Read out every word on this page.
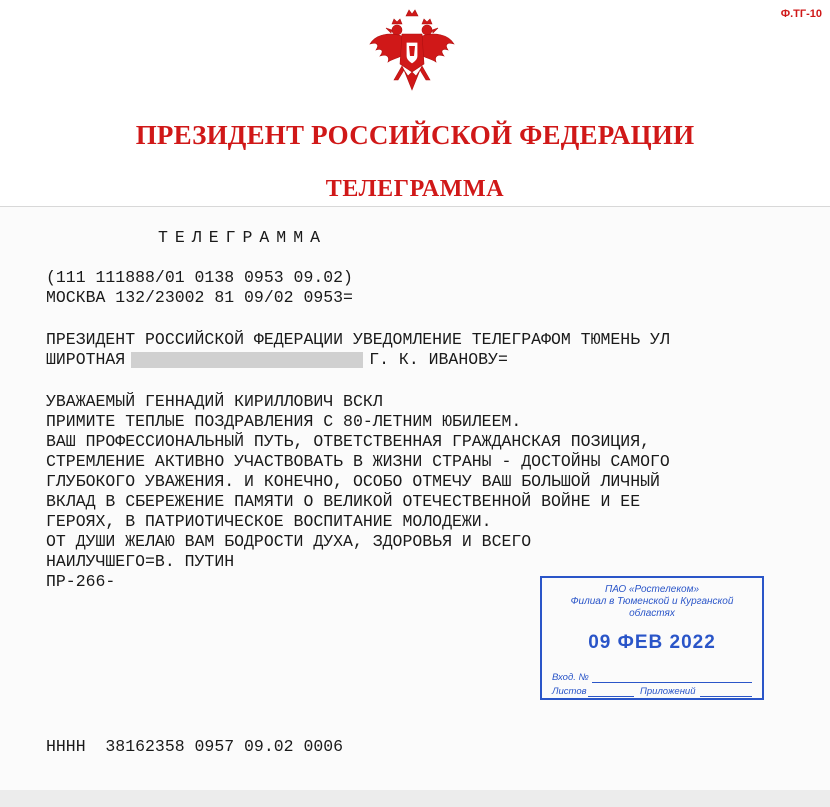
Ф.ТГ-10
ПРЕЗИДЕНТ РОССИЙСКОЙ ФЕДЕРАЦИИ
ТЕЛЕГРАММА
ТЕЛЕГРАММА
(111 111888/01 0138 0953 09.02)
МОСКВА 132/23002 81 09/02 0953=
ПРЕЗИДЕНТ РОССИЙСКОЙ ФЕДЕРАЦИИ УВЕДОМЛЕНИЕ ТЕЛЕГРАФОМ ТЮМЕНЬ УЛ
ШИРОТНАЯ	Г. К. ИВАНОВУ=
УВАЖАЕМЫЙ ГЕННАДИЙ КИРИЛЛОВИЧ ВСКЛ
ПРИМИТЕ ТЕПЛЫЕ ПОЗДРАВЛЕНИЯ С 80-ЛЕТНИМ ЮБИЛЕЕМ.
ВАШ ПРОФЕССИОНАЛЬНЫЙ ПУТЬ, ОТВЕТСТВЕННАЯ ГРАЖДАНСКАЯ ПОЗИЦИЯ,
СТРЕМЛЕНИЕ АКТИВНО УЧАСТВОВАТЬ В ЖИЗНИ СТРАНЫ - ДОСТОЙНЫ САМОГО
ГЛУБОКОГО УВАЖЕНИЯ. И КОНЕЧНО, ОСОБО ОТМЕЧУ ВАШ БОЛЬШОЙ ЛИЧНЫЙ
ВКЛАД В СБЕРЕЖЕНИЕ ПАМЯТИ О ВЕЛИКОЙ ОТЕЧЕСТВЕННОЙ ВОЙНЕ И ЕЕ
ГЕРОЯХ, В ПАТРИОТИЧЕСКОЕ ВОСПИТАНИЕ МОЛОДЕЖИ.
ОТ ДУШИ ЖЕЛАЮ ВАМ БОДРОСТИ ДУХА, ЗДОРОВЬЯ И ВСЕГО
НАИЛУЧШЕГО=В. ПУТИН
ПР-266-
НННН  38162358 0957 09.02 0006
ПАО «Ростелеком»
Филиал в Тюменской и Курганской
областях
09 ФЕВ 2022
Вход. №
Листов	Приложений
